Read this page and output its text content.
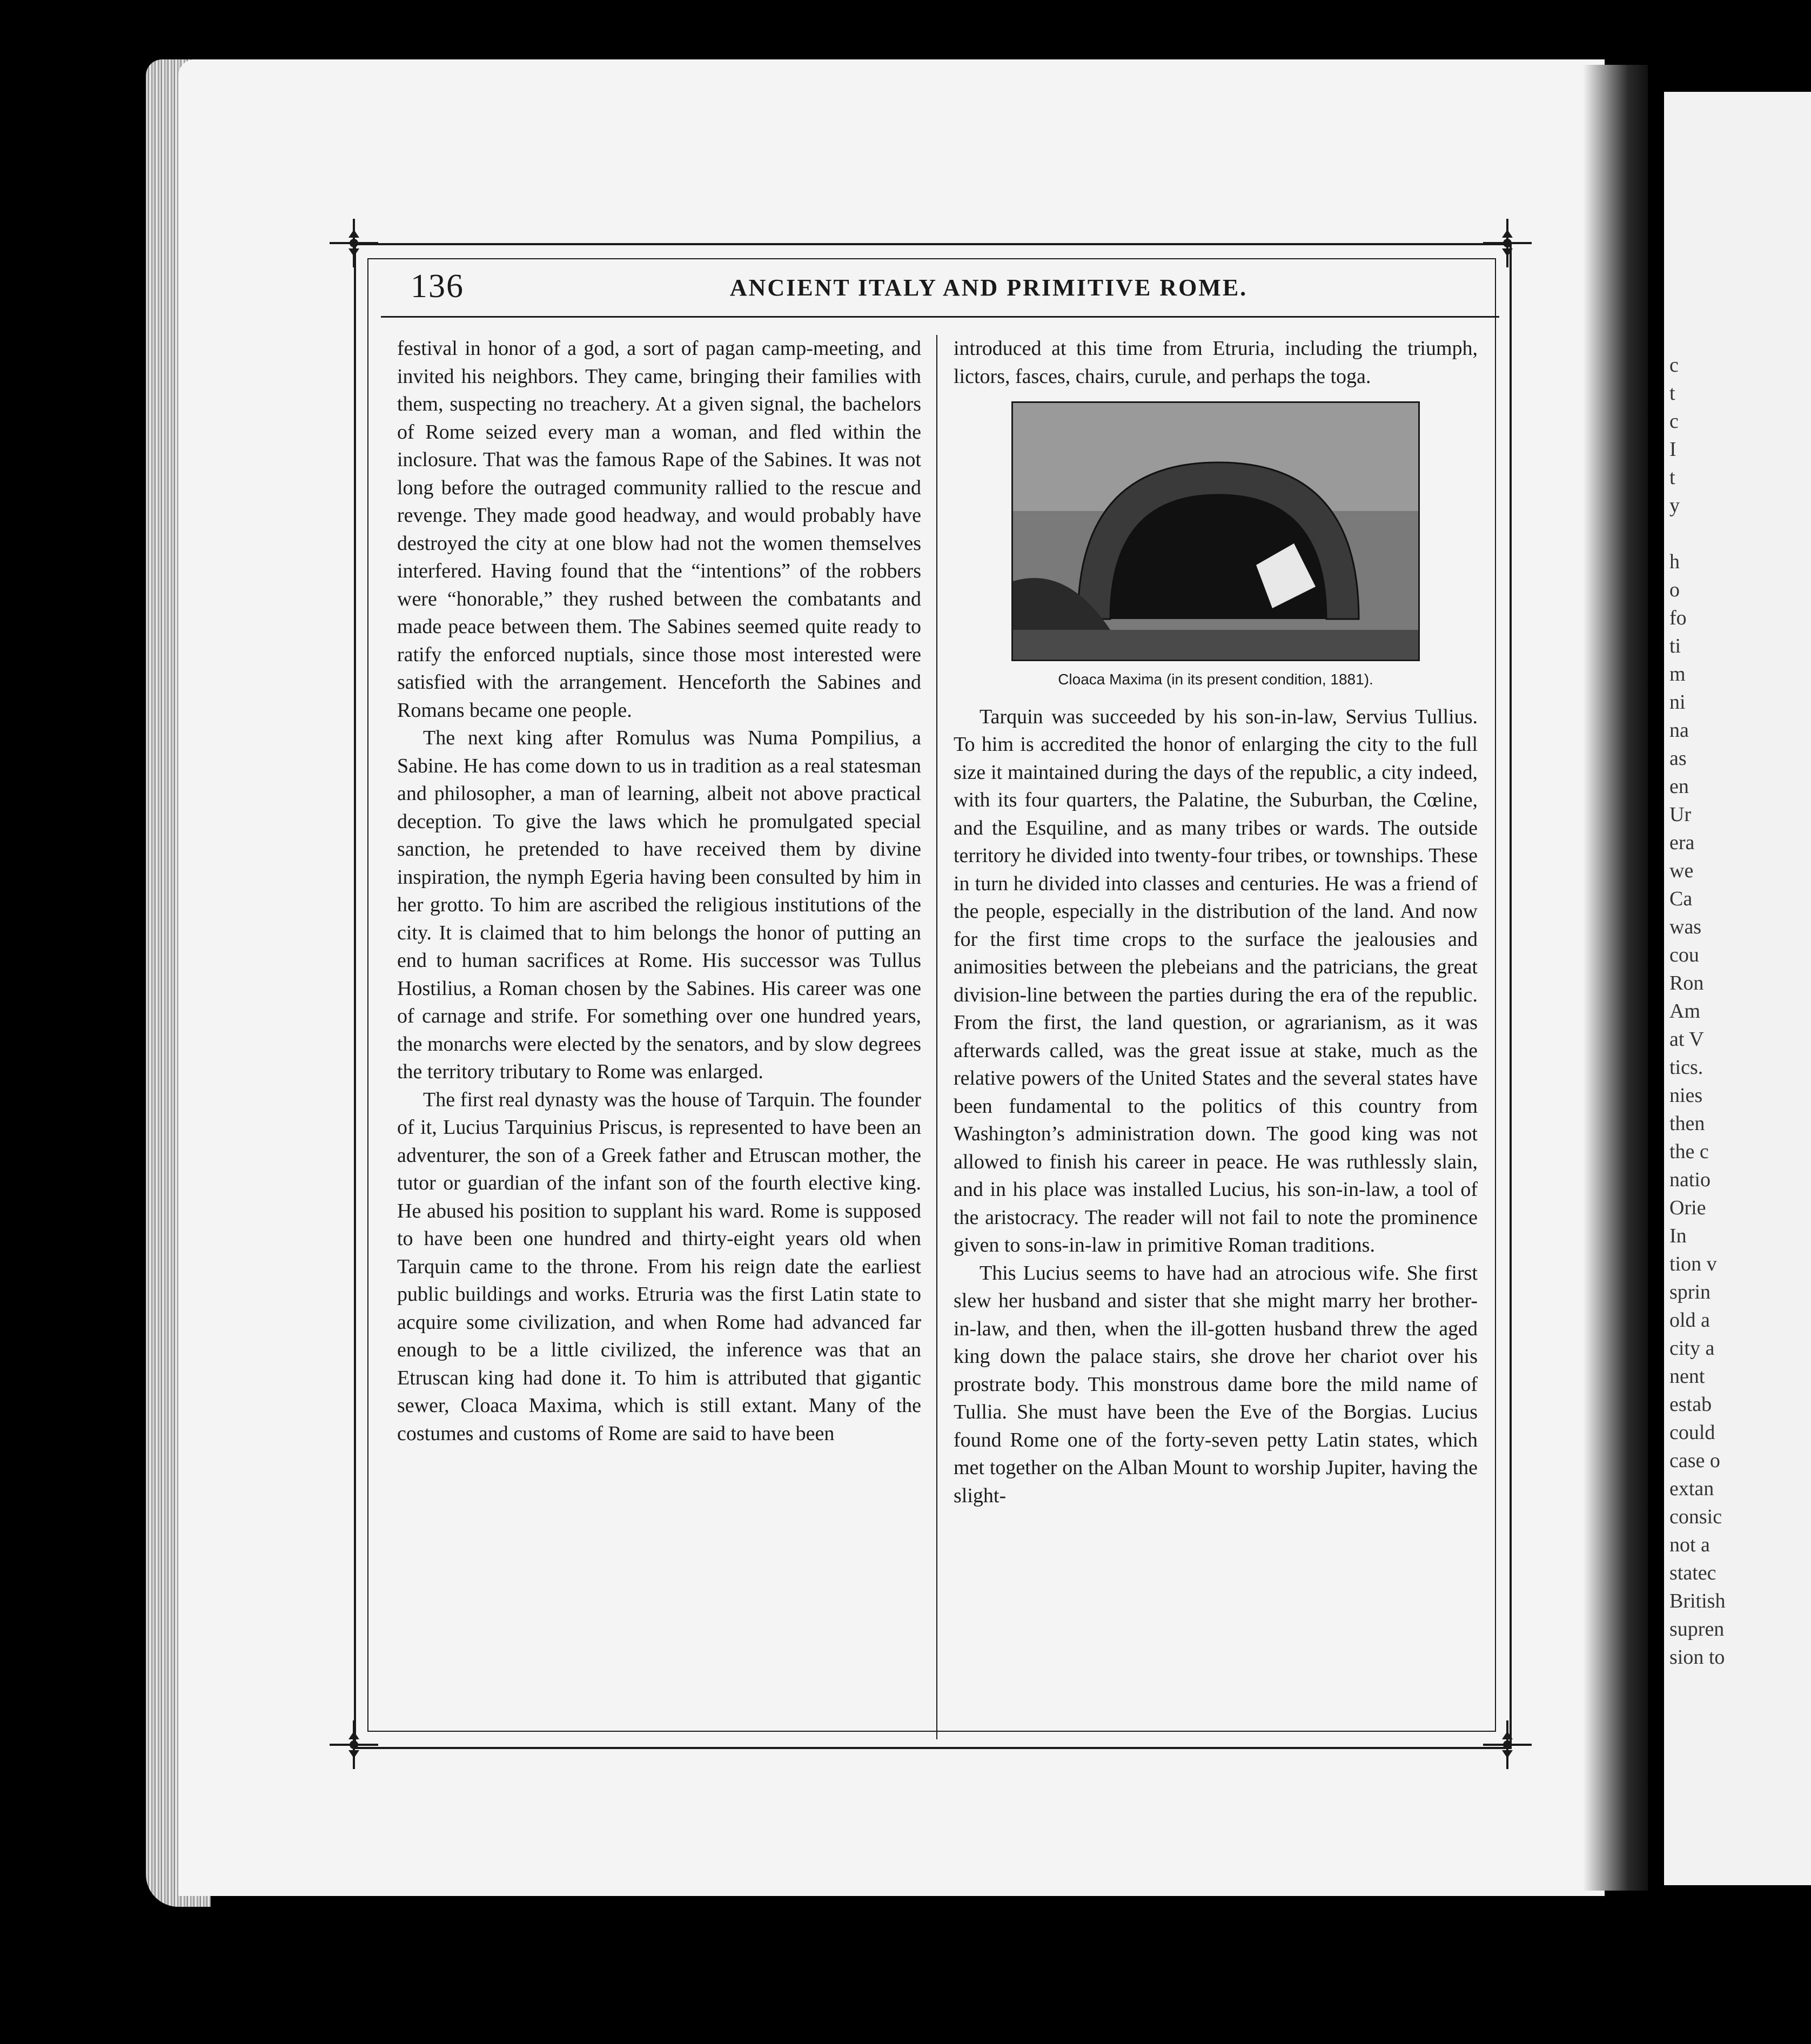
c
t
c
I
t
y

h
o
fo
ti
m
ni
na
as
en
Ur
era
we
Ca
was
cou
Ron
Am
at V
tics.
nies
then
the c
natio
Orie
In
tion v
sprin
old a
city a
nent
estab
could
case o
extan
consic
not a
statec
British
supren
sion to
136	ANCIENT ITALY AND PRIMITIVE ROME.

festival in honor of a god, a sort of pagan camp-meeting, and invited his neighbors. They came, bringing their families with them, suspecting no treachery. At a given signal, the bachelors of Rome seized every man a woman, and fled within the inclosure. That was the famous Rape of the Sabines. It was not long before the outraged community rallied to the rescue and revenge. They made good headway, and would probably have destroyed the city at one blow had not the women themselves interfered. Having found that the “intentions” of the robbers were “honorable,” they rushed between the combatants and made peace between them. The Sabines seemed quite ready to ratify the enforced nuptials, since those most interested were satisfied with the arrangement. Henceforth the Sabines and Romans became one people.

The next king after Romulus was Numa Pompilius, a Sabine. He has come down to us in tradition as a real statesman and philosopher, a man of learning, albeit not above practical deception. To give the laws which he promulgated special sanction, he pretended to have received them by divine inspiration, the nymph Egeria having been consulted by him in her grotto. To him are ascribed the religious institutions of the city. It is claimed that to him belongs the honor of putting an end to human sacrifices at Rome. His successor was Tullus Hostilius, a Roman chosen by the Sabines. His career was one of carnage and strife. For something over one hundred years, the monarchs were elected by the senators, and by slow degrees the territory tributary to Rome was enlarged.

The first real dynasty was the house of Tarquin. The founder of it, Lucius Tarquinius Priscus, is represented to have been an adventurer, the son of a Greek father and Etruscan mother, the tutor or guardian of the infant son of the fourth elective king. He abused his position to supplant his ward. Rome is supposed to have been one hundred and thirty-eight years old when Tarquin came to the throne. From his reign date the earliest public buildings and works. Etruria was the first Latin state to acquire some civilization, and when Rome had advanced far enough to be a little civilized, the inference was that an Etruscan king had done it. To him is attributed that gigantic sewer, Cloaca Maxima, which is still extant. Many of the costumes and customs of Rome are said to have been

introduced at this time from Etruria, including the triumph, lictors, fasces, chairs, curule, and perhaps the toga.

Cloaca Maxima (in its present condition, 1881).

Tarquin was succeeded by his son-in-law, Servius Tullius. To him is accredited the honor of enlarging the city to the full size it maintained during the days of the republic, a city indeed, with its four quarters, the Palatine, the Suburban, the Cœline, and the Esquiline, and as many tribes or wards. The outside territory he divided into twenty-four tribes, or townships. These in turn he divided into classes and centuries. He was a friend of the people, especially in the distribution of the land. And now for the first time crops to the surface the jealousies and animosities between the plebeians and the patricians, the great division-line between the parties during the era of the republic. From the first, the land question, or agrarianism, as it was afterwards called, was the great issue at stake, much as the relative powers of the United States and the several states have been fundamental to the politics of this country from Washington’s administration down. The good king was not allowed to finish his career in peace. He was ruthlessly slain, and in his place was installed Lucius, his son-in-law, a tool of the aristocracy. The reader will not fail to note the prominence given to sons-in-law in primitive Roman traditions.

This Lucius seems to have had an atrocious wife. She first slew her husband and sister that she might marry her brother-in-law, and then, when the ill-gotten husband threw the aged king down the palace stairs, she drove her chariot over his prostrate body. This monstrous dame bore the mild name of Tullia. She must have been the Eve of the Borgias. Lucius found Rome one of the forty-seven petty Latin states, which met together on the Alban Mount to worship Jupiter, having the slight-
